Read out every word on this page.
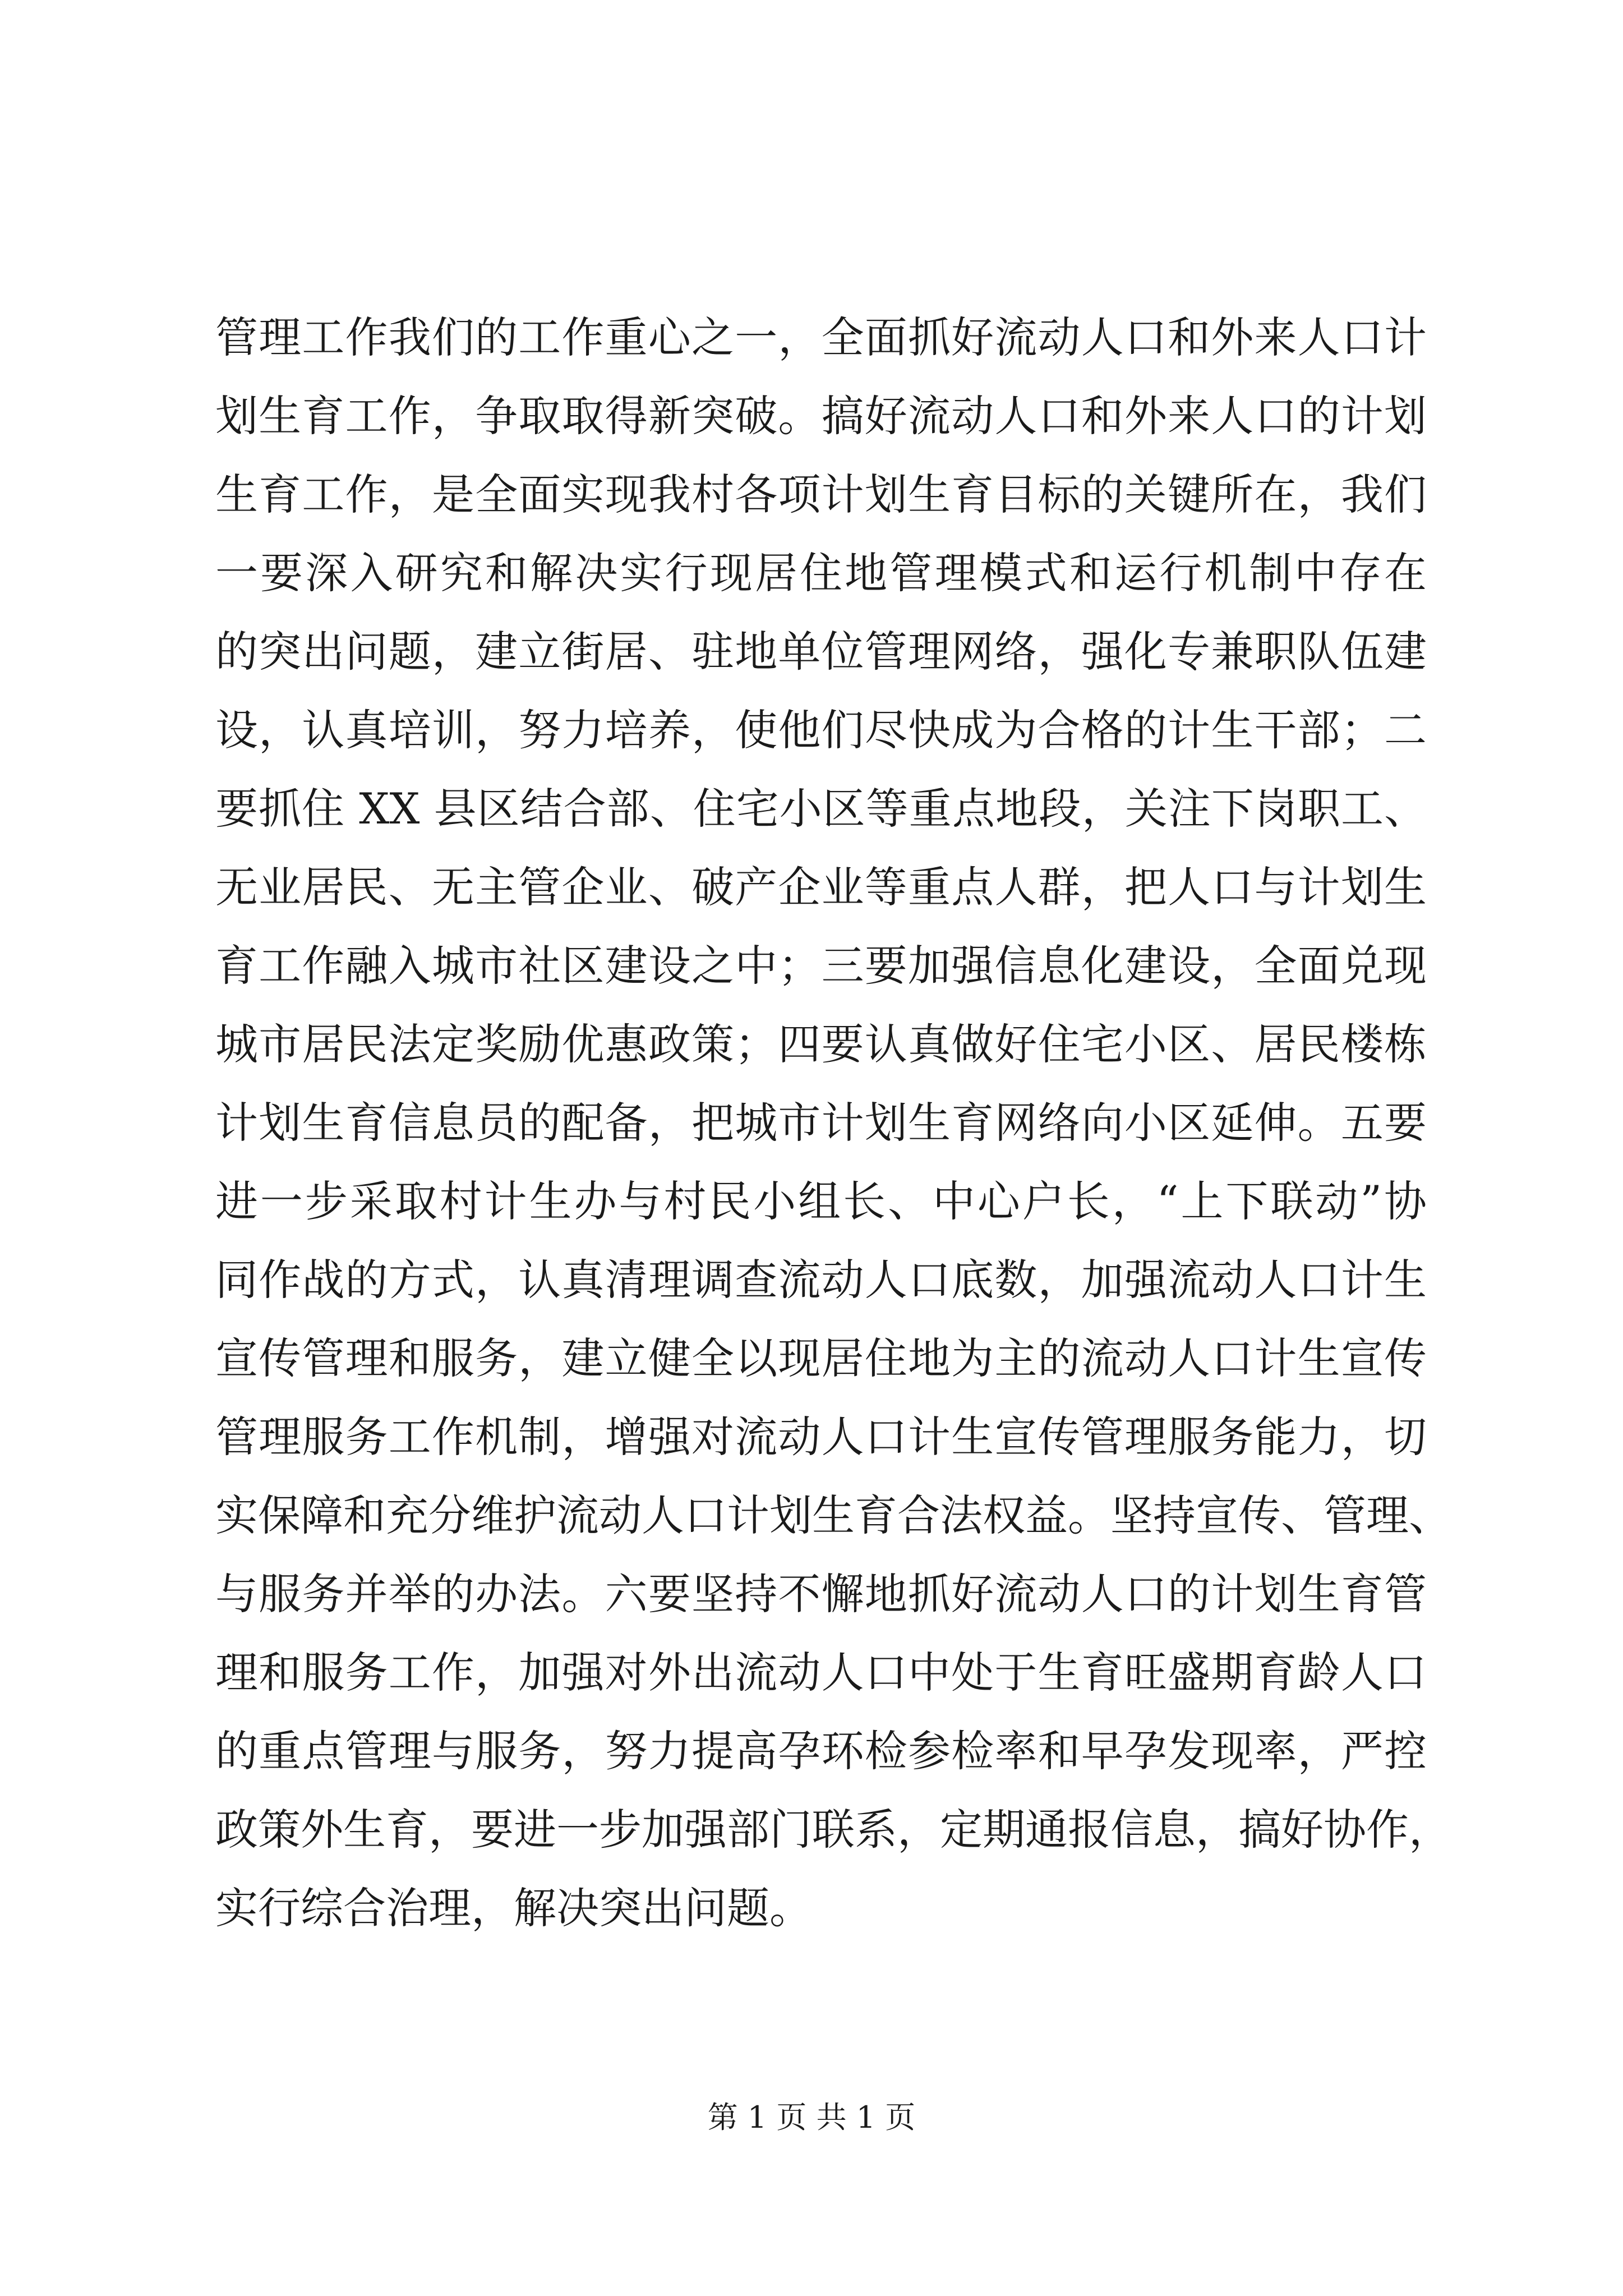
管理工作我们的工作重心之一，全面抓好流动人口和外来人口计
划生育工作，争取取得新突破。搞好流动人口和外来人口的计划
生育工作，是全面实现我村各项计划生育目标的关键所在，我们
一要深入研究和解决实行现居住地管理模式和运行机制中存在
的突出问题，建立街居、驻地单位管理网络，强化专兼职队伍建
设，认真培训，努力培养，使他们尽快成为合格的计生干部；二
要抓住 XX 县区结合部、住宅小区等重点地段，关注下岗职工、
无业居民、无主管企业、破产企业等重点人群，把人口与计划生
育工作融入城市社区建设之中；三要加强信息化建设，全面兑现
城市居民法定奖励优惠政策；四要认真做好住宅小区、居民楼栋
计划生育信息员的配备，把城市计划生育网络向小区延伸。五要
进一步采取村计生办与村民小组长、中心户长，“上下联动”协
同作战的方式，认真清理调查流动人口底数，加强流动人口计生
宣传管理和服务，建立健全以现居住地为主的流动人口计生宣传
管理服务工作机制，增强对流动人口计生宣传管理服务能力，切
实保障和充分维护流动人口计划生育合法权益。坚持宣传、管理、
与服务并举的办法。六要坚持不懈地抓好流动人口的计划生育管
理和服务工作，加强对外出流动人口中处于生育旺盛期育龄人口
的重点管理与服务，努力提高孕环检参检率和早孕发现率，严控
政策外生育，要进一步加强部门联系，定期通报信息，搞好协作，
实行综合治理，解决突出问题。
第 1 页 共 1 页
